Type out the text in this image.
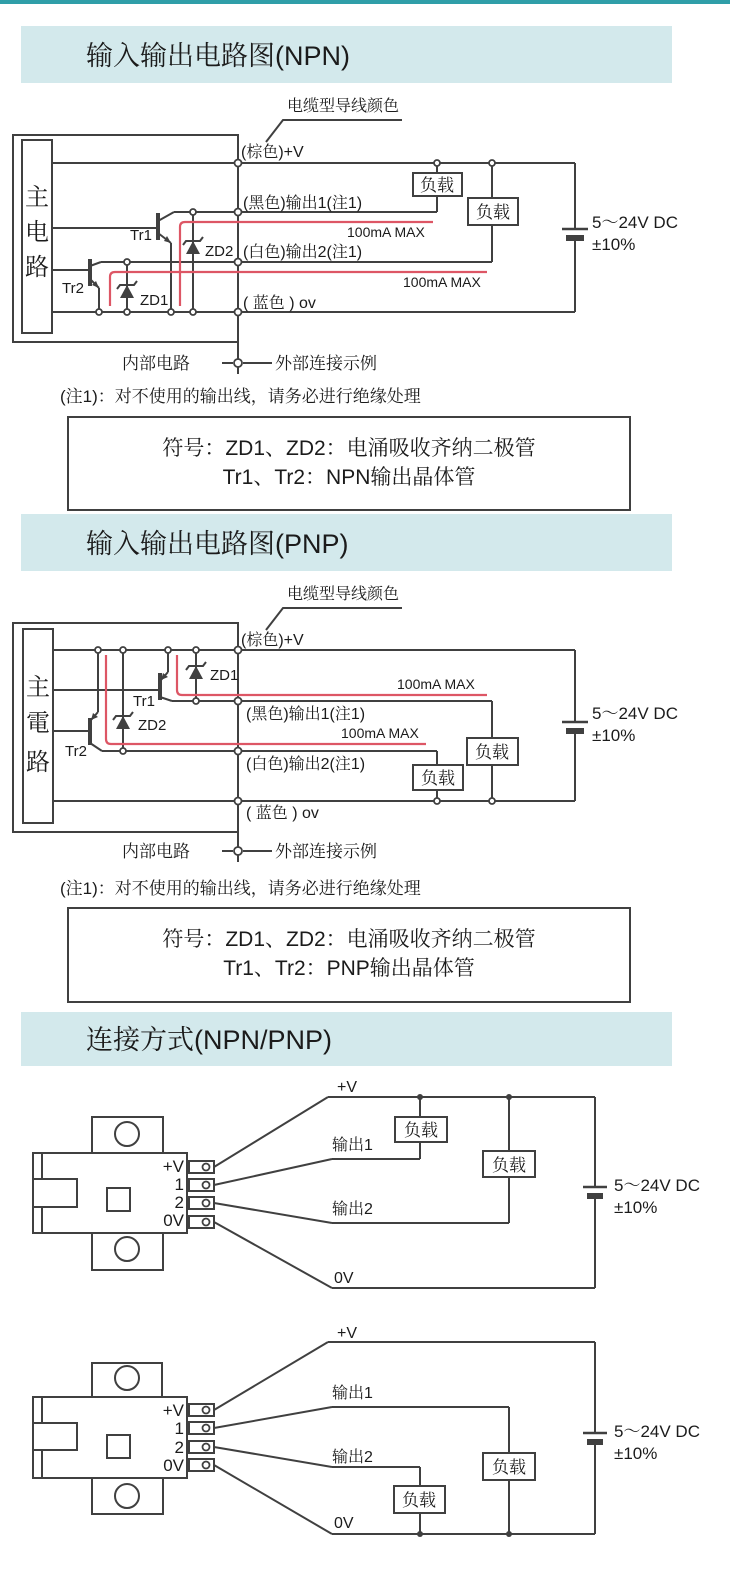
输入输出电路图(NPN)
电缆型导线颜色
主
电
路
Tr1
Tr2
ZD2
ZD1
100mA MAX
100mA MAX
负载
负载
5～24V DC
±10%
(棕色)+V
(黑色)输出1(注1)
(白色)输出2(注1)
( 蓝色 ) ov
内部电路	外部连接示例
(注1)：对不使用的输出线，请务必进行绝缘处理
符号：ZD1、ZD2：电涌吸收齐纳二极管
Tr1、Tr2：NPN输出晶体管
输入输出电路图(PNP)
电缆型导线颜色
主
電
路
Tr1
Tr2
ZD1
ZD2
100mA MAX
100mA MAX
负载
负载
5～24V DC
±10%
(棕色)+V
(黑色)输出1(注1)
(白色)输出2(注1)
( 蓝色 ) ov
内部电路	外部连接示例
(注1)：对不使用的输出线，请务必进行绝缘处理
符号：ZD1、ZD2：电涌吸收齐纳二极管
Tr1、Tr2：PNP输出晶体管
连接方式(NPN/PNP)
+V
1
2
0V
负载
负载
5～24V DC
±10%
+V
输出1
输出2
0V
+V
1
2
0V	负载
负载
5～24V DC
±10%
+V
输出1
输出2
0V
